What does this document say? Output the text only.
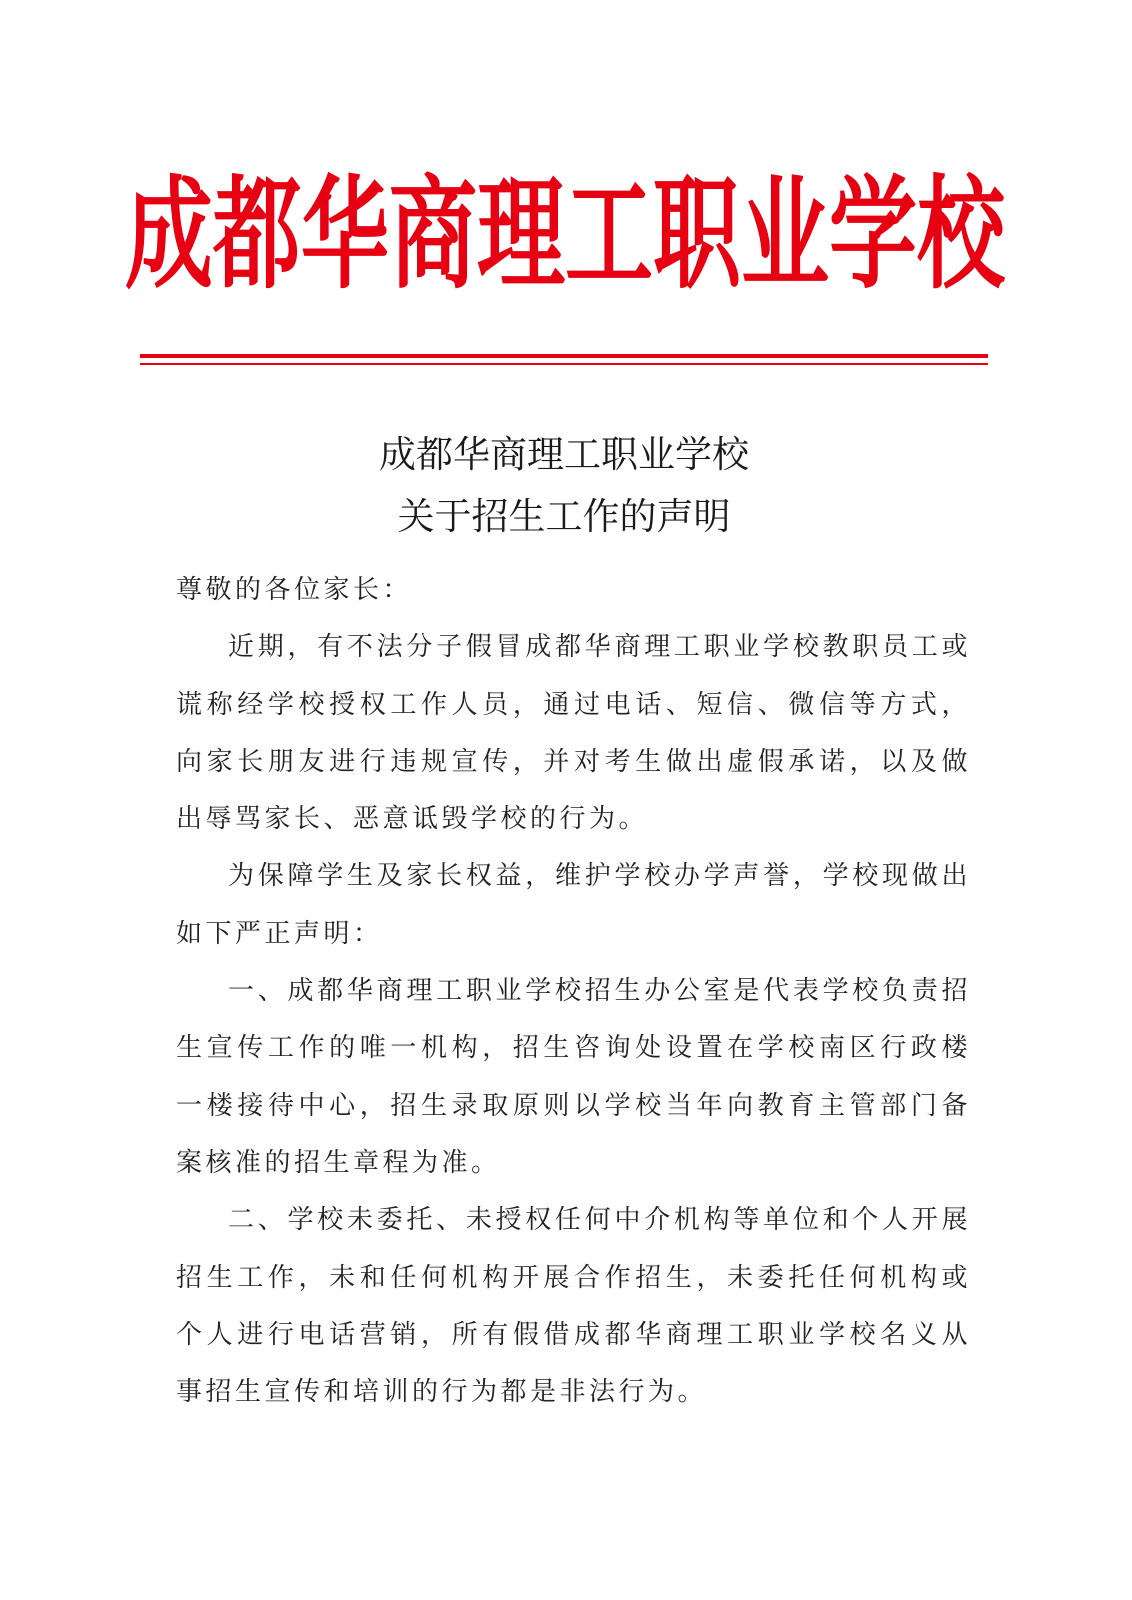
成都华商理工职业学校
成都华商理工职业学校
关于招生工作的声明

尊敬的各位家长：

近期，有不法分子假冒成都华商理工职业学校教职员工或谎称经学校授权工作人员，通过电话、短信、微信等方式，向家长朋友进行违规宣传，并对考生做出虚假承诺，以及做出辱骂家长、恶意诋毁学校的行为。

为保障学生及家长权益，维护学校办学声誉，学校现做出如下严正声明：

一、成都华商理工职业学校招生办公室是代表学校负责招生宣传工作的唯一机构，招生咨询处设置在学校南区行政楼一楼接待中心，招生录取原则以学校当年向教育主管部门备案核准的招生章程为准。

二、学校未委托、未授权任何中介机构等单位和个人开展招生工作，未和任何机构开展合作招生，未委托任何机构或个人进行电话营销，所有假借成都华商理工职业学校名义从事招生宣传和培训的行为都是非法行为。
